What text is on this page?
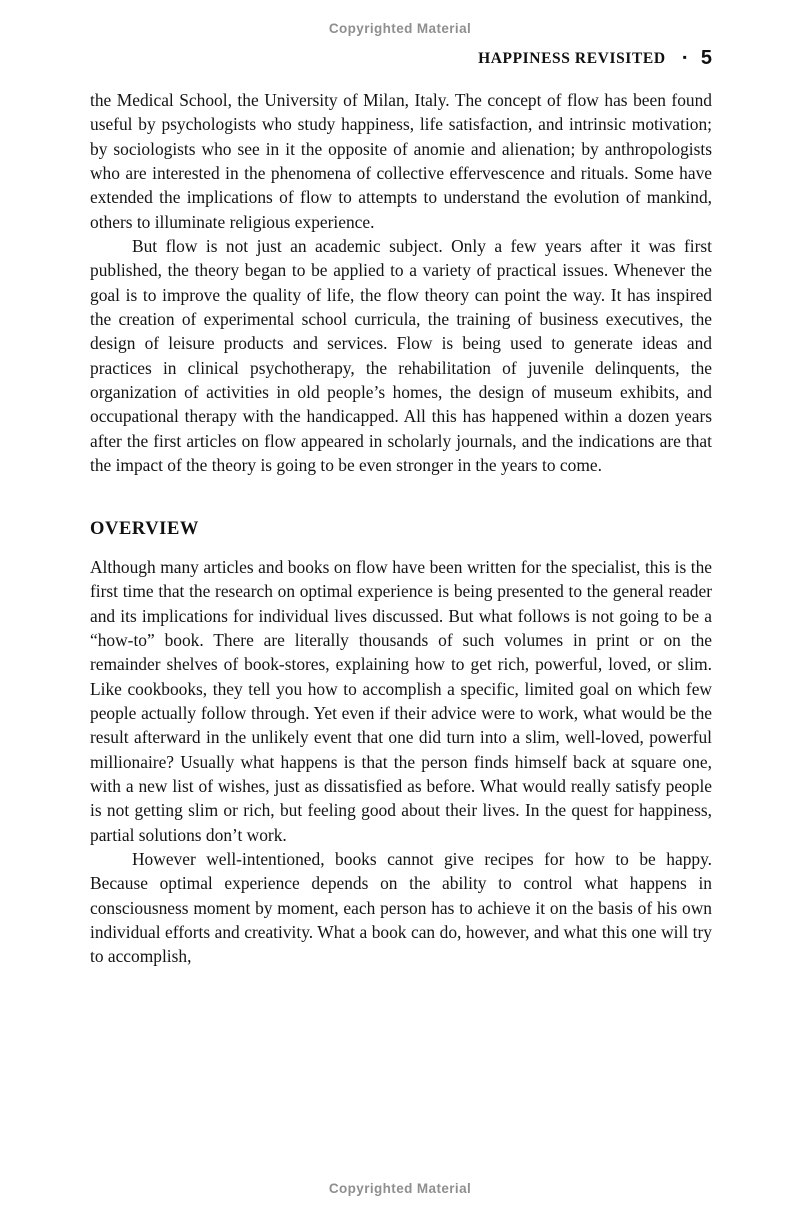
Copyrighted Material
HAPPINESS REVISITED ▪ 5

the Medical School, the University of Milan, Italy. The concept of flow has been found useful by psychologists who study happiness, life satisfaction, and intrinsic motivation; by sociologists who see in it the opposite of anomie and alienation; by anthropologists who are interested in the phenomena of collective effervescence and rituals. Some have extended the implications of flow to attempts to understand the evolution of mankind, others to illuminate religious experience.

But flow is not just an academic subject. Only a few years after it was first published, the theory began to be applied to a variety of practical issues. Whenever the goal is to improve the quality of life, the flow theory can point the way. It has inspired the creation of experimental school curricula, the training of business executives, the design of leisure products and services. Flow is being used to generate ideas and practices in clinical psychotherapy, the rehabilitation of juvenile delinquents, the organization of activities in old people’s homes, the design of museum exhibits, and occupational therapy with the handicapped. All this has happened within a dozen years after the first articles on flow appeared in scholarly journals, and the indications are that the impact of the theory is going to be even stronger in the years to come.

OVERVIEW

Although many articles and books on flow have been written for the specialist, this is the first time that the research on optimal experience is being presented to the general reader and its implications for individual lives discussed. But what follows is not going to be a “how-to” book. There are literally thousands of such volumes in print or on the remainder shelves of book-stores, explaining how to get rich, powerful, loved, or slim. Like cookbooks, they tell you how to accomplish a specific, limited goal on which few people actually follow through. Yet even if their advice were to work, what would be the result afterward in the unlikely event that one did turn into a slim, well-loved, powerful millionaire? Usually what happens is that the person finds himself back at square one, with a new list of wishes, just as dissatisfied as before. What would really satisfy people is not getting slim or rich, but feeling good about their lives. In the quest for happiness, partial solutions don’t work.

However well-intentioned, books cannot give recipes for how to be happy. Because optimal experience depends on the ability to control what happens in consciousness moment by moment, each person has to achieve it on the basis of his own individual efforts and creativity. What a book can do, however, and what this one will try to accomplish,

Copyrighted Material
